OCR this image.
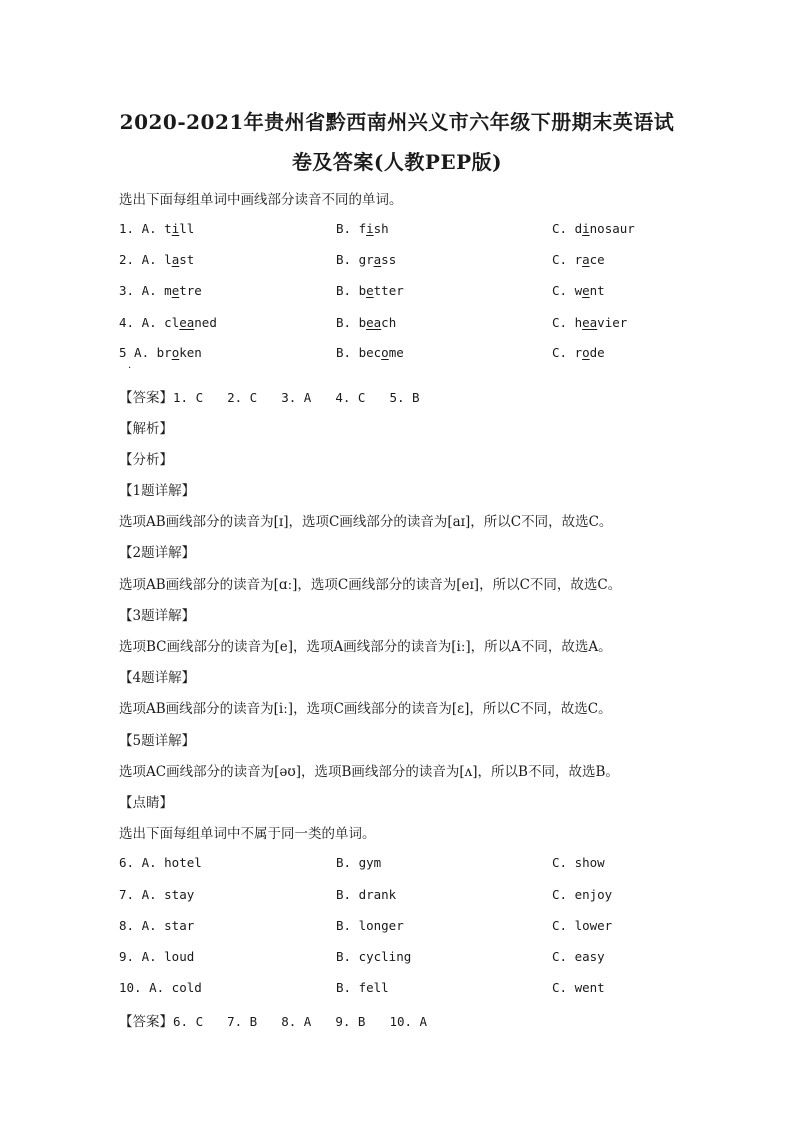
2020-2021年贵州省黔西南州兴义市六年级下册期末英语试
卷及答案(人教PEP版)
选出下面每组单词中画线部分读音不同的单词。
1. A. till	B. fish	C. dinosaur
2. A. last	B. grass	C. race
3. A. metre	B. better	C. went
4. A. cleaned	B. beach	C. heavier
5 A. broken	B. become	C. rode
·
【答案】1. C 2. C 3. A 4. C 5. B
【解析】
【分析】
【1题详解】
选项AB画线部分的读音为[ɪ]，选项C画线部分的读音为[aɪ]，所以C不同，故选C。
【2题详解】
选项AB画线部分的读音为[ɑː]，选项C画线部分的读音为[eɪ]，所以C不同，故选C。
【3题详解】
选项BC画线部分的读音为[e]，选项A画线部分的读音为[iː]，所以A不同，故选A。
【4题详解】
选项AB画线部分的读音为[iː]，选项C画线部分的读音为[ɛ]，所以C不同，故选C。
【5题详解】
选项AC画线部分的读音为[əʊ]，选项B画线部分的读音为[ʌ]，所以B不同，故选B。
【点睛】
选出下面每组单词中不属于同一类的单词。
6. A. hotel	B. gym	C. show
7. A. stay	B. drank	C. enjoy
8. A. star	B. longer	C. lower
9. A. loud	B. cycling	C. easy
10. A. cold	B. fell	C. went
【答案】6. C 7. B 8. A 9. B 10. A
